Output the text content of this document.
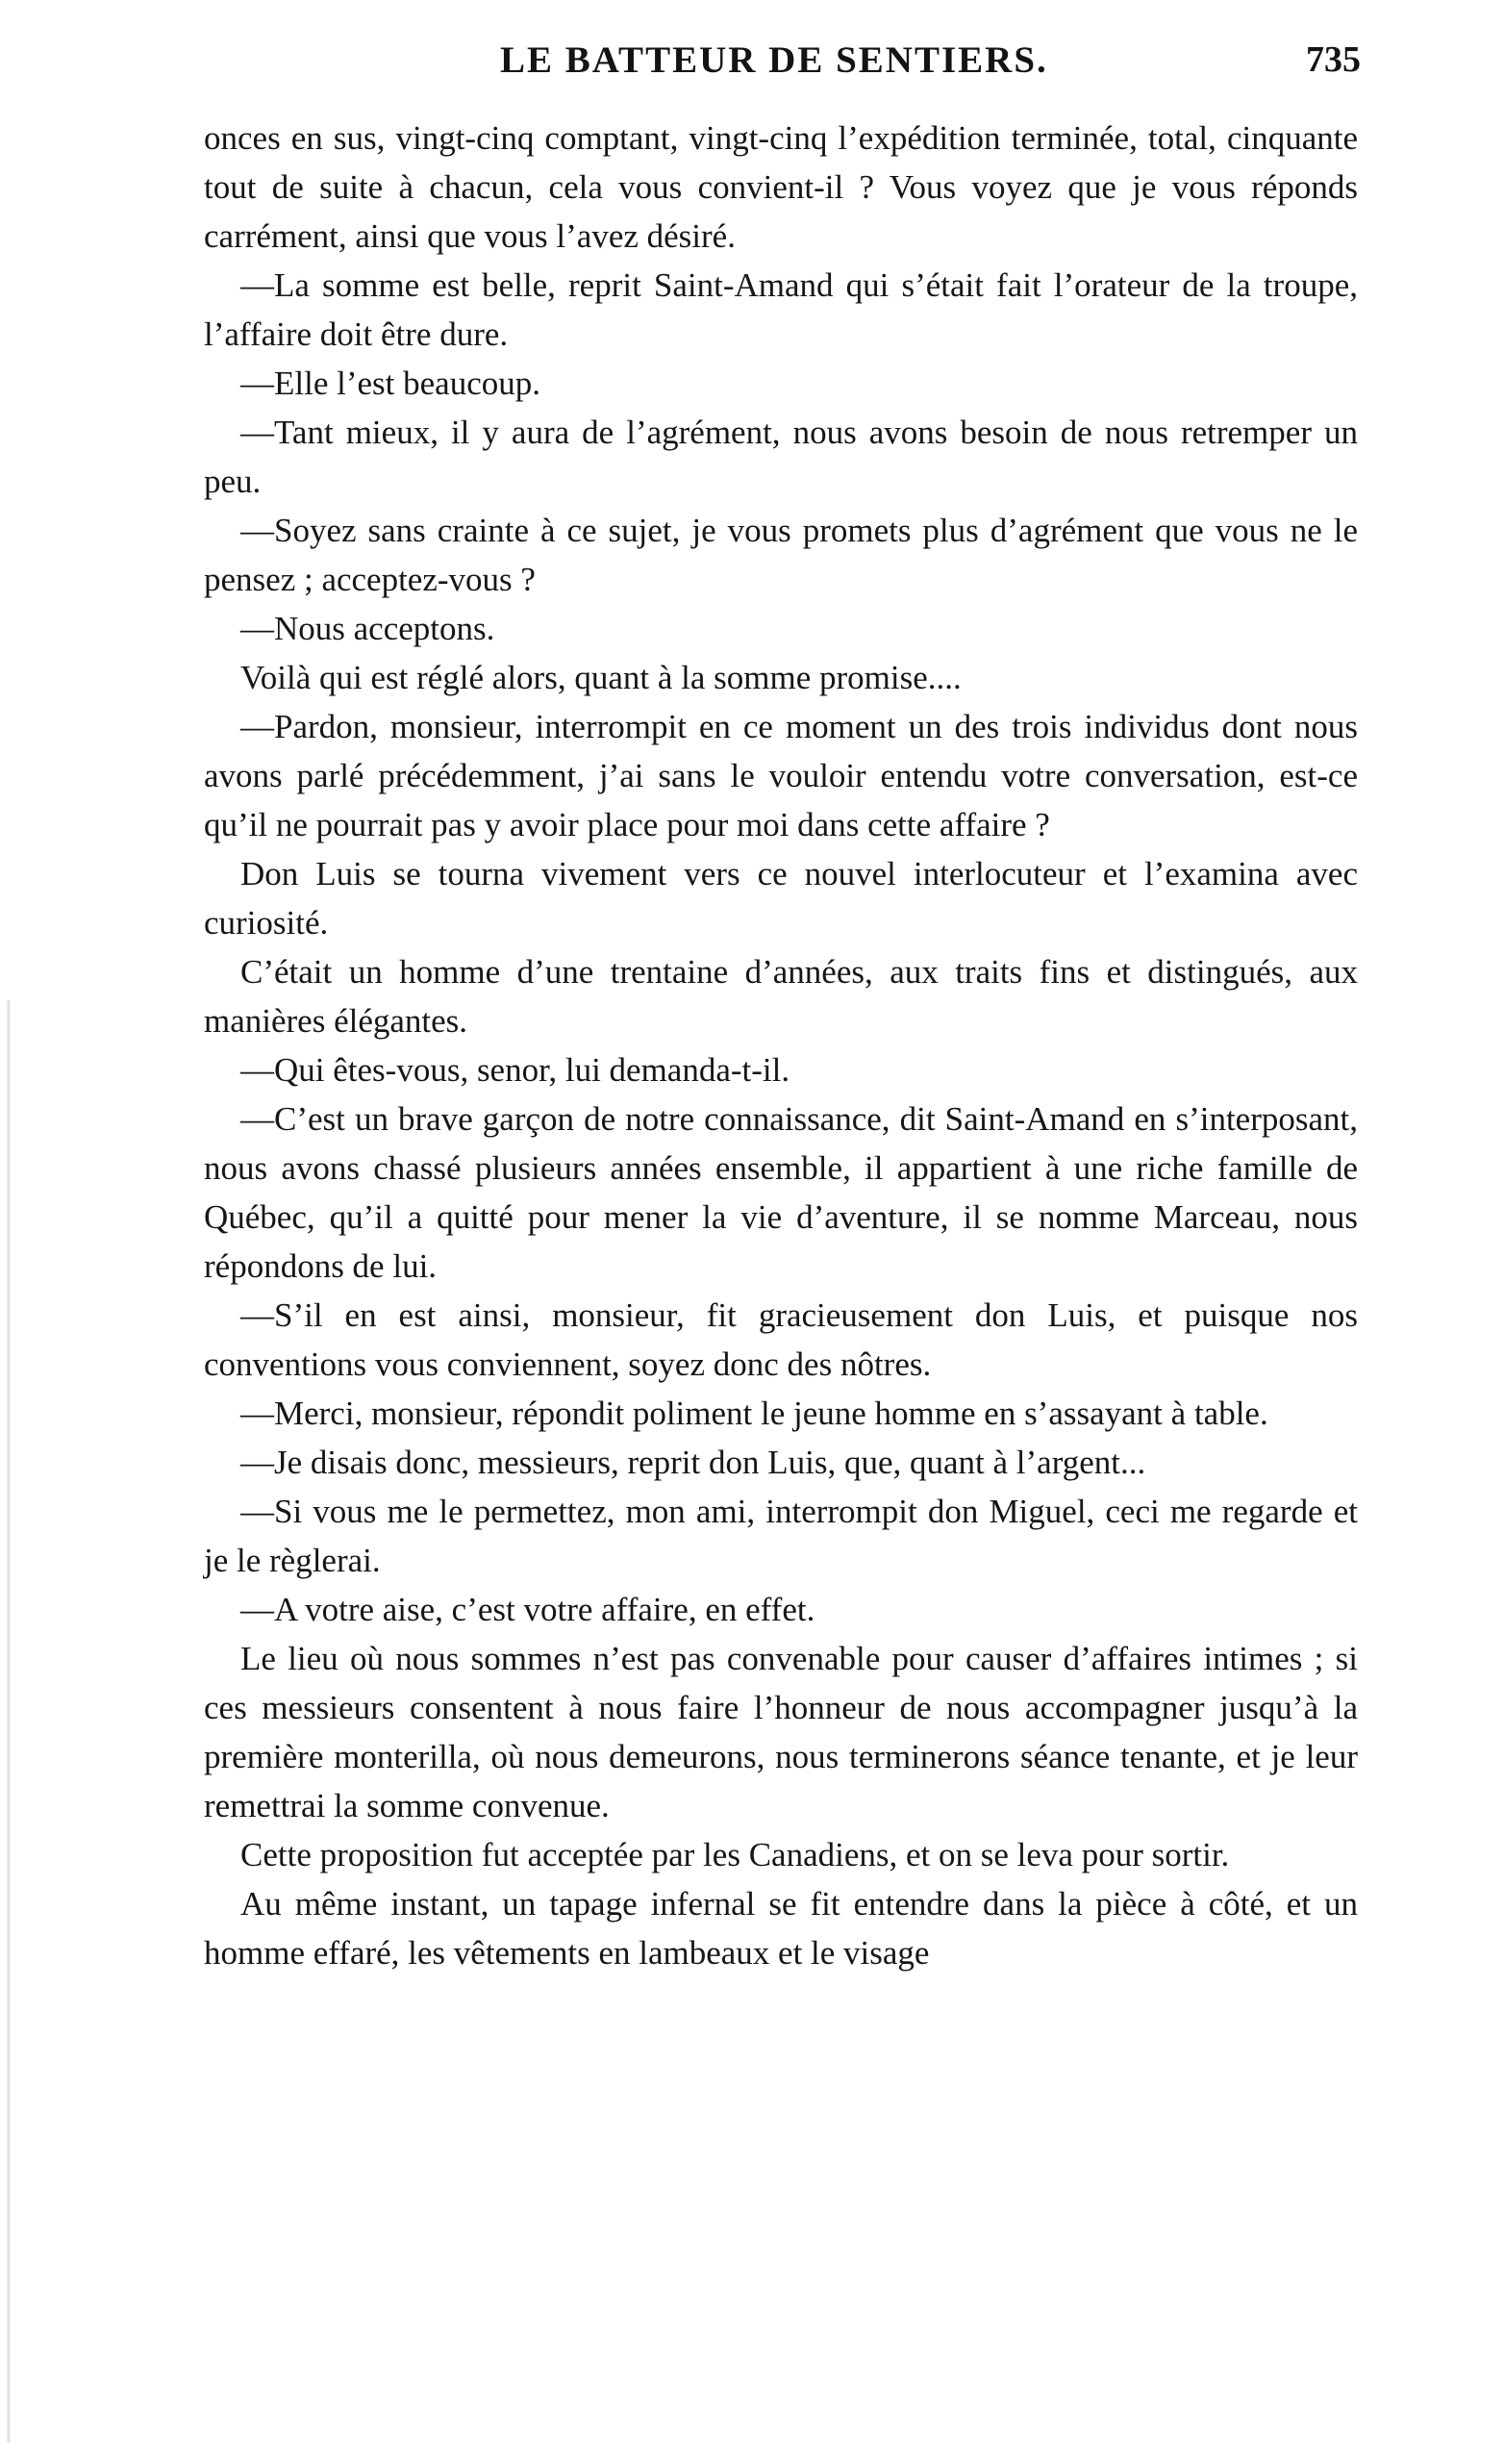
LE BATTEUR DE SENTIERS.	735

onces en sus, vingt-cinq comptant, vingt-cinq l’expédition terminée, total, cinquante tout de suite à chacun, cela vous convient-il ? Vous voyez que je vous réponds carrément, ainsi que vous l’avez désiré.

—La somme est belle, reprit Saint-Amand qui s’était fait l’orateur de la troupe, l’affaire doit être dure.

—Elle l’est beaucoup.

—Tant mieux, il y aura de l’agrément, nous avons besoin de nous retremper un peu.

—Soyez sans crainte à ce sujet, je vous promets plus d’agrément que vous ne le pensez ; acceptez-vous ?

—Nous acceptons.

Voilà qui est réglé alors, quant à la somme promise....

—Pardon, monsieur, interrompit en ce moment un des trois individus dont nous avons parlé précédemment, j’ai sans le vouloir entendu votre conversation, est-ce qu’il ne pourrait pas y avoir place pour moi dans cette affaire ?

Don Luis se tourna vivement vers ce nouvel interlocuteur et l’examina avec curiosité.

C’était un homme d’une trentaine d’années, aux traits fins et distingués, aux manières élégantes.

—Qui êtes-vous, senor, lui demanda-t-il.

—C’est un brave garçon de notre connaissance, dit Saint-Amand en s’interposant, nous avons chassé plusieurs années ensemble, il appartient à une riche famille de Québec, qu’il a quitté pour mener la vie d’aventure, il se nomme Marceau, nous répondons de lui.

—S’il en est ainsi, monsieur, fit gracieusement don Luis, et puisque nos conventions vous conviennent, soyez donc des nôtres.

—Merci, monsieur, répondit poliment le jeune homme en s’assayant à table.

—Je disais donc, messieurs, reprit don Luis, que, quant à l’argent...

—Si vous me le permettez, mon ami, interrompit don Miguel, ceci me regarde et je le règlerai.

—A votre aise, c’est votre affaire, en effet.

Le lieu où nous sommes n’est pas convenable pour causer d’affaires intimes ; si ces messieurs consentent à nous faire l’honneur de nous accompagner jusqu’à la première monterilla, où nous demeurons, nous terminerons séance tenante, et je leur remettrai la somme convenue.

Cette proposition fut acceptée par les Canadiens, et on se leva pour sortir.

Au même instant, un tapage infernal se fit entendre dans la pièce à côté, et un homme effaré, les vêtements en lambeaux et le visage
